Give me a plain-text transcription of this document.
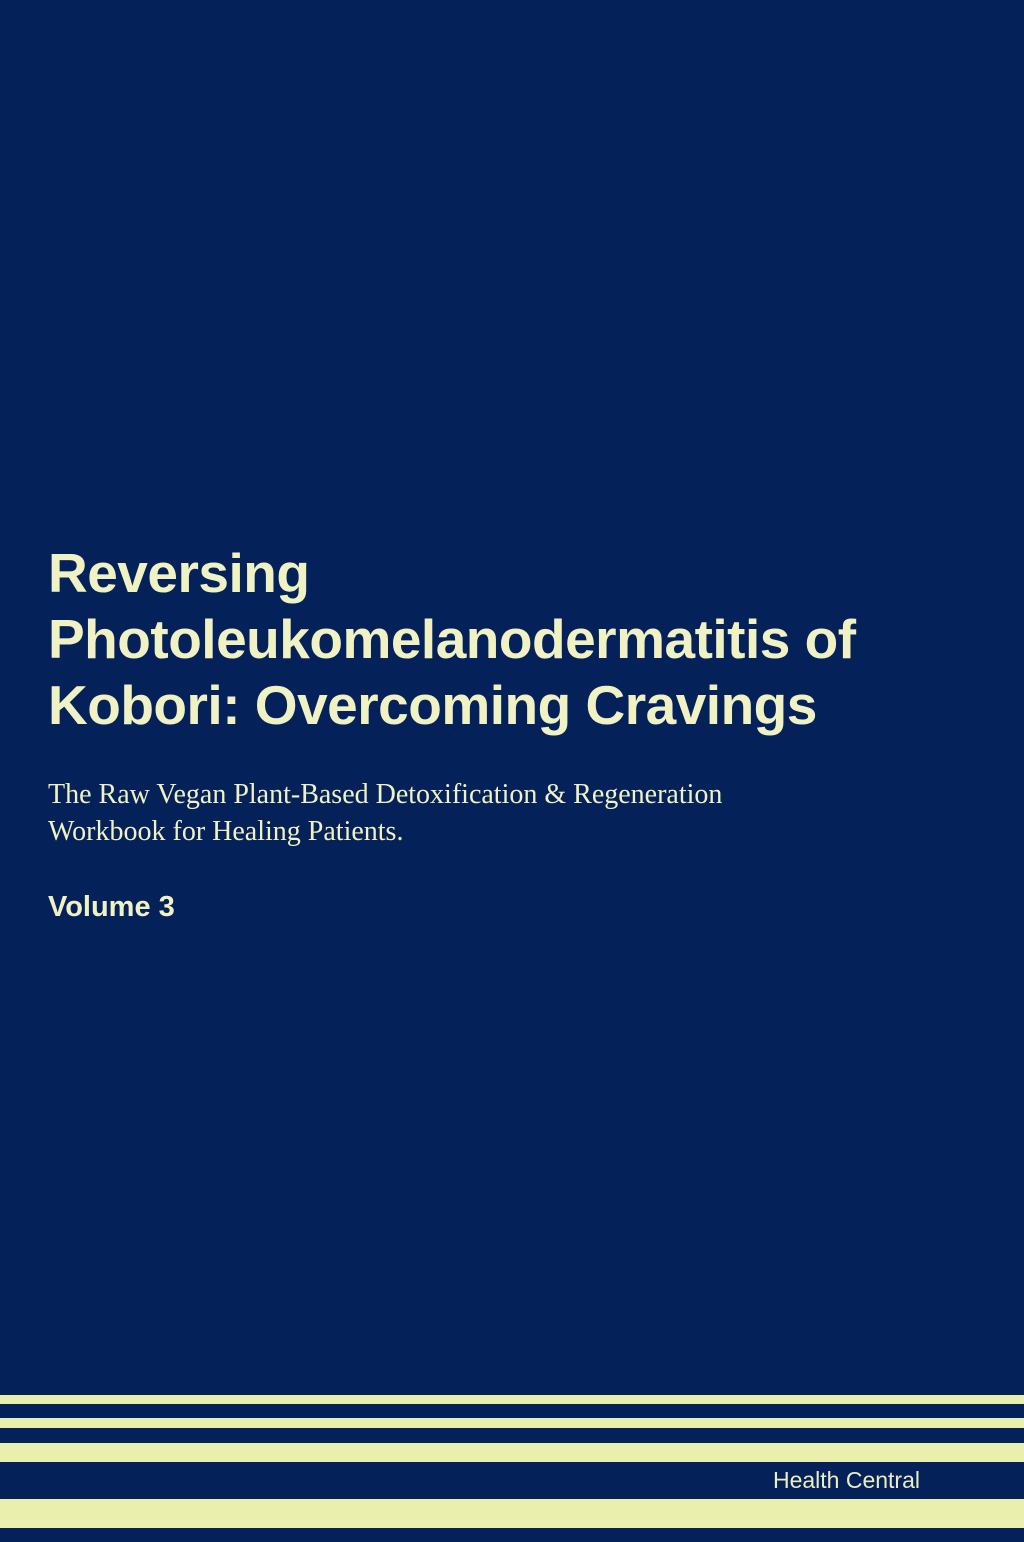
Reversing
Photoleukomelanodermatitis of
Kobori: Overcoming Cravings
The Raw Vegan Plant-Based Detoxification & Regeneration
Workbook for Healing Patients.
Volume 3
Health Central
